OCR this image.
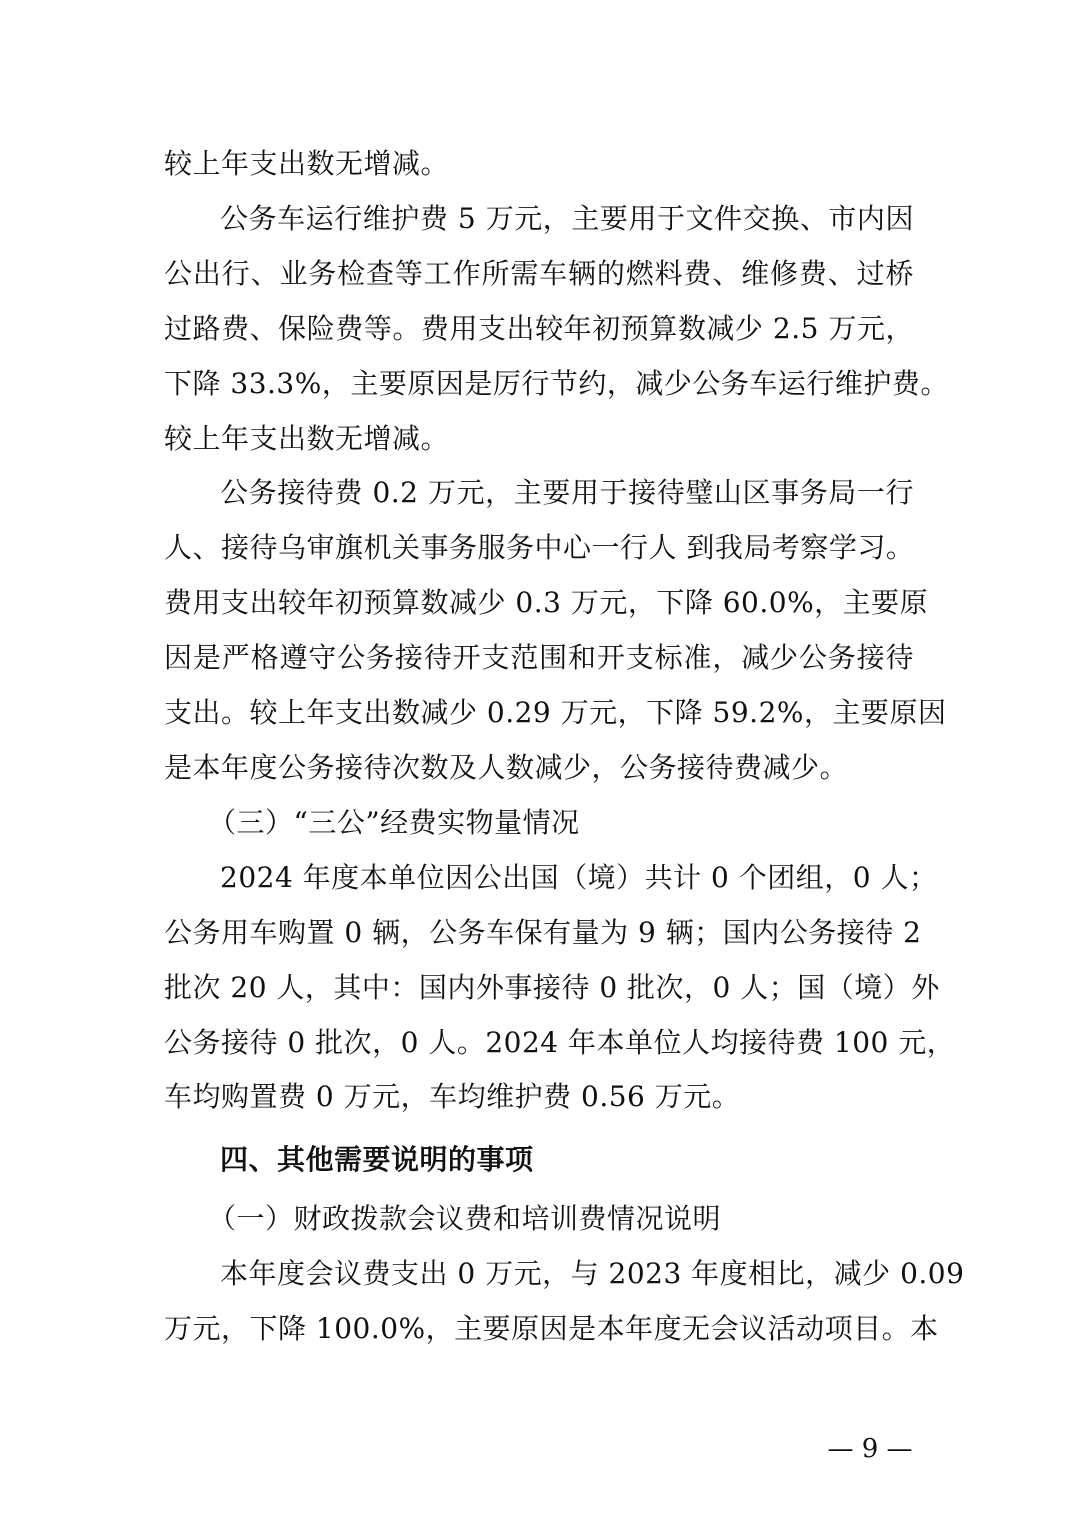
较上年支出数无增减。

公务车运行维护费 5 万元，主要用于文件交换、市内因

公出行、业务检查等工作所需车辆的燃料费、维修费、过桥

过路费、保险费等。费用支出较年初预算数减少 2.5 万元，

下降 33.3%，主要原因是厉行节约，减少公务车运行维护费。

较上年支出数无增减。

公务接待费 0.2 万元，主要用于接待璧山区事务局一行

人、接待乌审旗机关事务服务中心一行人 到我局考察学习。

费用支出较年初预算数减少 0.3 万元，下降 60.0%，主要原

因是严格遵守公务接待开支范围和开支标准，减少公务接待

支出。较上年支出数减少 0.29 万元，下降 59.2%，主要原因

是本年度公务接待次数及人数减少，公务接待费减少。

（三）“三公”经费实物量情况

2024 年度本单位因公出国（境）共计 0 个团组，0 人；

公务用车购置 0 辆，公务车保有量为 9 辆；国内公务接待 2

批次 20 人，其中：国内外事接待 0 批次，0 人；国（境）外

公务接待 0 批次，0 人。2024 年本单位人均接待费 100 元，

车均购置费 0 万元，车均维护费 0.56 万元。

四、其他需要说明的事项

（一）财政拨款会议费和培训费情况说明

本年度会议费支出 0 万元，与 2023 年度相比，减少 0.09

万元，下降 100.0%，主要原因是本年度无会议活动项目。本

— 9 —
